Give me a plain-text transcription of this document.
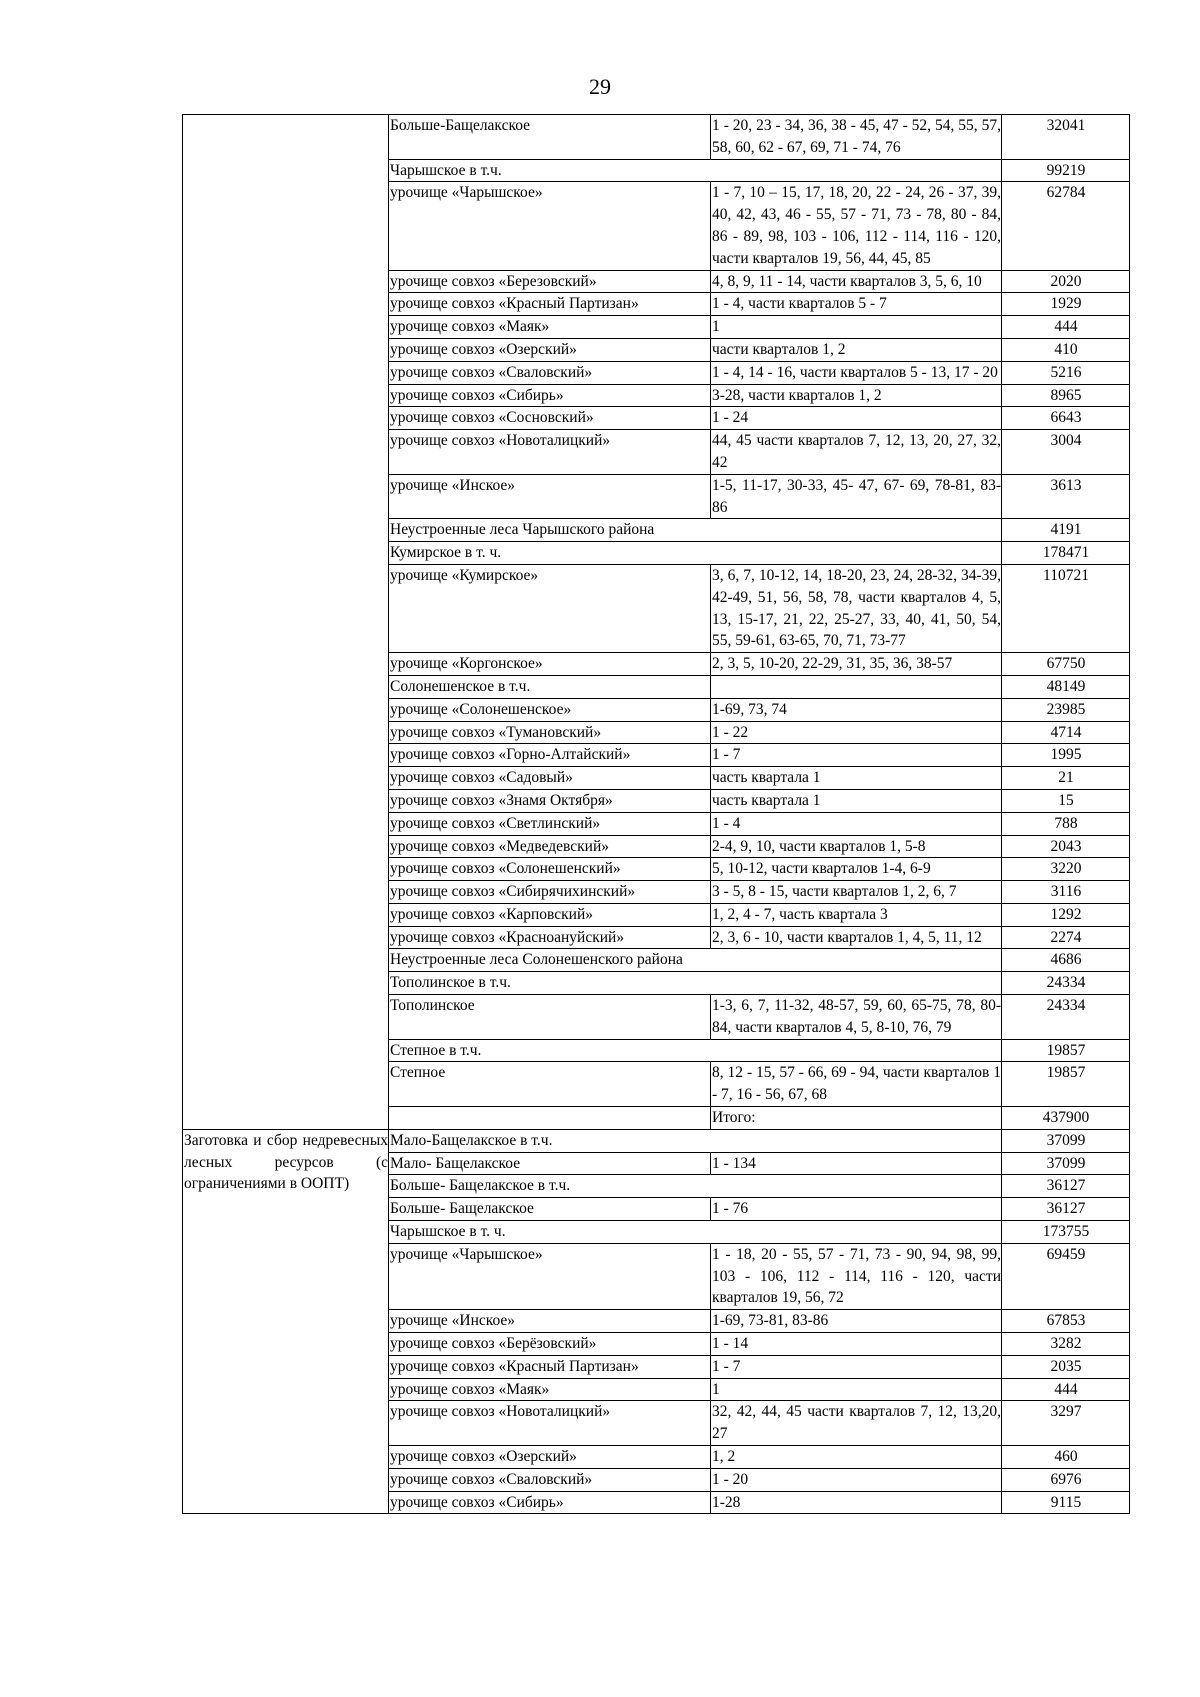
29
	Больше-Бащелакское	1 - 20, 23 - 34, 36, 38 - 45, 47 - 52, 54, 55, 57, 58, 60, 62 - 67, 69, 71 - 74, 76	32041
	Чарышское в т.ч.		99219
	урочище «Чарышское»	1 - 7, 10 – 15, 17, 18, 20, 22 - 24, 26 - 37, 39, 40, 42, 43, 46 - 55, 57 - 71, 73 - 78, 80 - 84, 86 - 89, 98, 103 - 106, 112 - 114, 116 - 120, части кварталов 19, 56, 44, 45, 85	62784
	урочище совхоз «Березовский»	4, 8, 9, 11 - 14, части кварталов 3, 5, 6, 10	2020
	урочище совхоз «Красный Партизан»	1 - 4, части кварталов 5 - 7	1929
	урочище совхоз «Маяк»	1	444
	урочище совхоз «Озерский»	части кварталов 1, 2	410
	урочище совхоз «Сваловский»	1 - 4, 14 - 16, части кварталов 5 - 13, 17 - 20	5216
	урочище совхоз «Сибирь»	3-28, части кварталов 1, 2	8965
	урочище совхоз «Сосновский»	1 - 24	6643
	урочище совхоз «Новоталицкий»	44, 45 части кварталов 7, 12, 13, 20, 27, 32, 42	3004
	урочище «Инское»	1-5, 11-17, 30-33, 45- 47, 67- 69, 78-81, 83-86	3613
	Неустроенные леса Чарышского района		4191
	Кумирское в т. ч.		178471
	урочище «Кумирское»	3, 6, 7, 10-12, 14, 18-20, 23, 24, 28-32, 34-39, 42-49, 51, 56, 58, 78, части кварталов 4, 5, 13, 15-17, 21, 22, 25-27, 33, 40, 41, 50, 54, 55, 59-61, 63-65, 70, 71, 73-77	110721
	урочище «Коргонское»	2, 3, 5, 10-20, 22-29, 31, 35, 36, 38-57	67750
	Солонешенское в т.ч.		48149
	урочище «Солонешенское»	1-69, 73, 74	23985
	урочище совхоз «Тумановский»	1 - 22	4714
	урочище совхоз «Горно-Алтайский»	1 - 7	1995
	урочище совхоз «Садовый»	часть квартала 1	21
	урочище совхоз «Знамя Октября»	часть квартала 1	15
	урочище совхоз «Светлинский»	1 - 4	788
	урочище совхоз «Медведевский»	2-4, 9, 10, части кварталов 1, 5-8	2043
	урочище совхоз «Солонешенский»	5, 10-12, части кварталов 1-4, 6-9	3220
	урочище совхоз «Сибирячихинский»	3 - 5, 8 - 15, части кварталов 1, 2, 6, 7	3116
	урочище совхоз «Карповский»	1, 2, 4 - 7, часть квартала 3	1292
	урочище совхоз «Красноануйский»	2, 3, 6 - 10, части кварталов 1, 4, 5, 11, 12	2274
	Неустроенные леса Солонешенского района		4686
	Тополинское в т.ч.		24334
	Тополинское	1-3, 6, 7, 11-32, 48-57, 59, 60, 65-75, 78, 80-84, части кварталов 4, 5, 8-10, 76, 79	24334
	Степное в т.ч.		19857
	Степное	8, 12 - 15, 57 - 66, 69 - 94, части кварталов 1 - 7, 16 - 56, 67, 68	19857
		Итого:	437900
Заготовка и сбор недревесных лесных ресурсов (с ограничениями в ООПТ)	Мало-Бащелакское в т.ч.		37099
	Мало- Бащелакское	1 - 134	37099
	Больше- Бащелакское в т.ч.		36127
	Больше- Бащелакское	1 - 76	36127
	Чарышское в т. ч.		173755
	урочище «Чарышское»	1 - 18, 20 - 55, 57 - 71, 73 - 90, 94, 98, 99, 103 - 106, 112 - 114, 116 - 120, части кварталов 19, 56, 72	69459
	урочище «Инское»	1-69, 73-81, 83-86	67853
	урочище совхоз «Берёзовский»	1 - 14	3282
	урочище совхоз «Красный Партизан»	1 - 7	2035
	урочище совхоз «Маяк»	1	444
	урочище совхоз «Новоталицкий»	32, 42, 44, 45 части кварталов 7, 12, 13,20, 27	3297
	урочище совхоз «Озерский»	1, 2	460
	урочище совхоз «Сваловский»	1 - 20	6976
	урочище совхоз «Сибирь»	1-28	9115
